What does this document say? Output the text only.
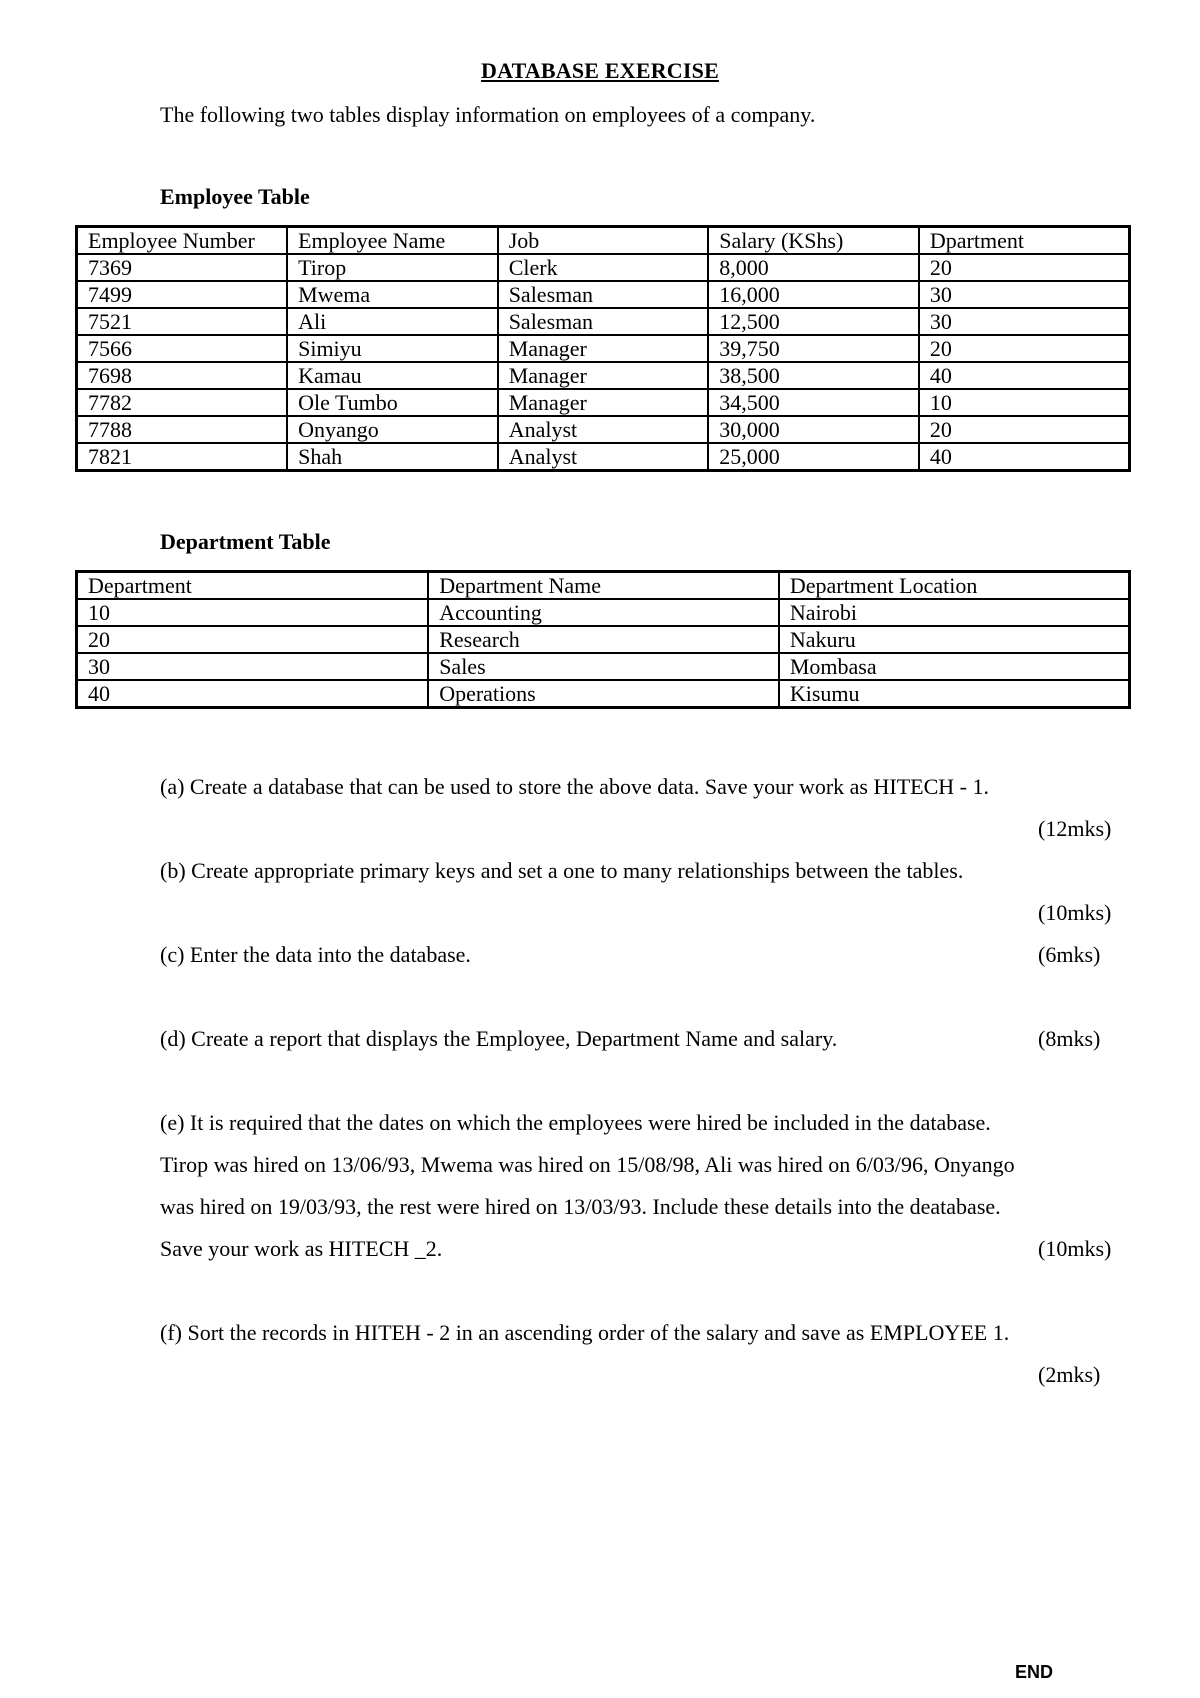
DATABASE EXERCISE
The following two tables display information on employees of a company.
Employee Table
Employee Number	Employee Name	Job	Salary (KShs)	Dpartment
7369	Tirop	Clerk	8,000	20
7499	Mwema	Salesman	16,000	30
7521	Ali	Salesman	12,500	30
7566	Simiyu	Manager	39,750	20
7698	Kamau	Manager	38,500	40
7782	Ole Tumbo	Manager	34,500	10
7788	Onyango	Analyst	30,000	20
7821	Shah	Analyst	25,000	40
Department Table
Department	Department Name	Department Location
10	Accounting	Nairobi
20	Research	Nakuru
30	Sales	Mombasa
40	Operations	Kisumu
(a) Create a database that can be used to store the above data. Save your work as HITECH - 1.
(12mks)
(b) Create appropriate primary keys and set a one to many relationships between the tables.
(10mks)
(c) Enter the data into the database.	(6mks)
(d) Create a report that displays the Employee, Department Name and salary.	(8mks)
(e) It is required that the dates on which the employees were hired be included in the database.
Tirop was hired on 13/06/93, Mwema was hired on 15/08/98, Ali was hired on 6/03/96, Onyango
was hired on 19/03/93, the rest were hired on 13/03/93. Include these details into the deatabase.
Save your work as HITECH _2.	(10mks)
(f) Sort the records in HITEH - 2 in an ascending order of the salary and save as EMPLOYEE 1.
(2mks)
END
